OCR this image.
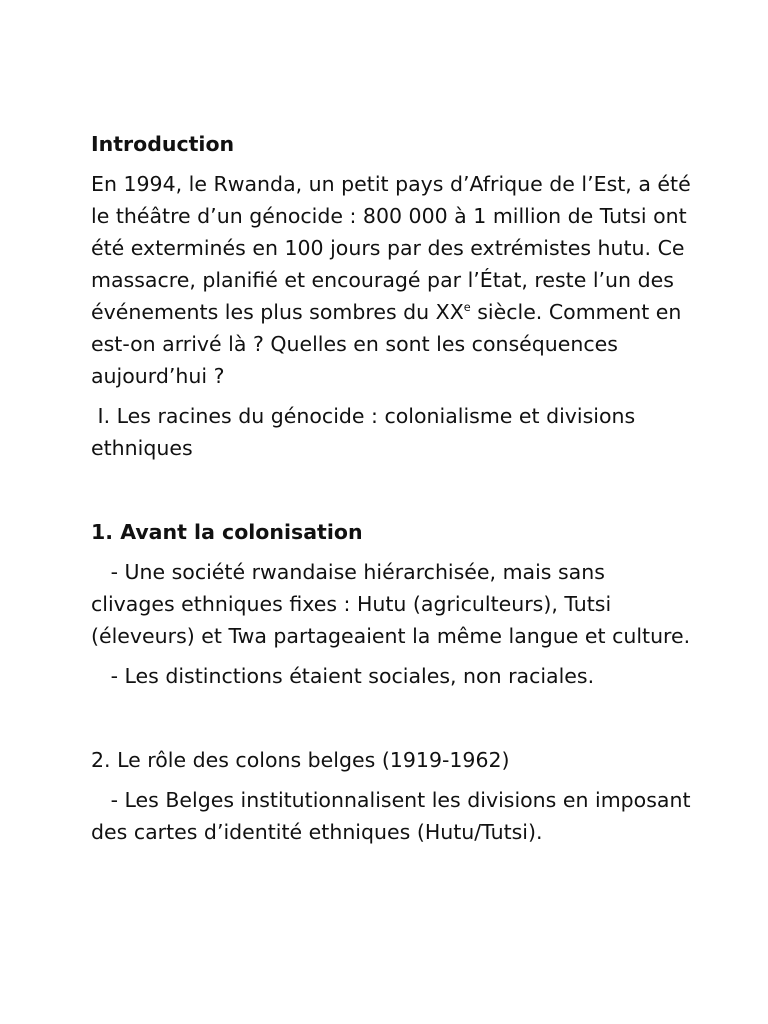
Introduction

En 1994, le Rwanda, un petit pays d’Afrique de l’Est, a été le théâtre d’un génocide : 800 000 à 1 million de Tutsi ont été exterminés en 100 jours par des extrémistes hutu. Ce massacre, planifié et encouragé par l’État, reste l’un des événements les plus sombres du XXe siècle. Comment en est-on arrivé là ? Quelles en sont les conséquences aujourd’hui ?

I. Les racines du génocide : colonialisme et divisions ethniques

1. Avant la colonisation

- Une société rwandaise hiérarchisée, mais sans clivages ethniques fixes : Hutu (agriculteurs), Tutsi (éleveurs) et Twa partageaient la même langue et culture.

- Les distinctions étaient sociales, non raciales.

2. Le rôle des colons belges (1919-1962)

- Les Belges institutionnalisent les divisions en imposant des cartes d’identité ethniques (Hutu/Tutsi).
